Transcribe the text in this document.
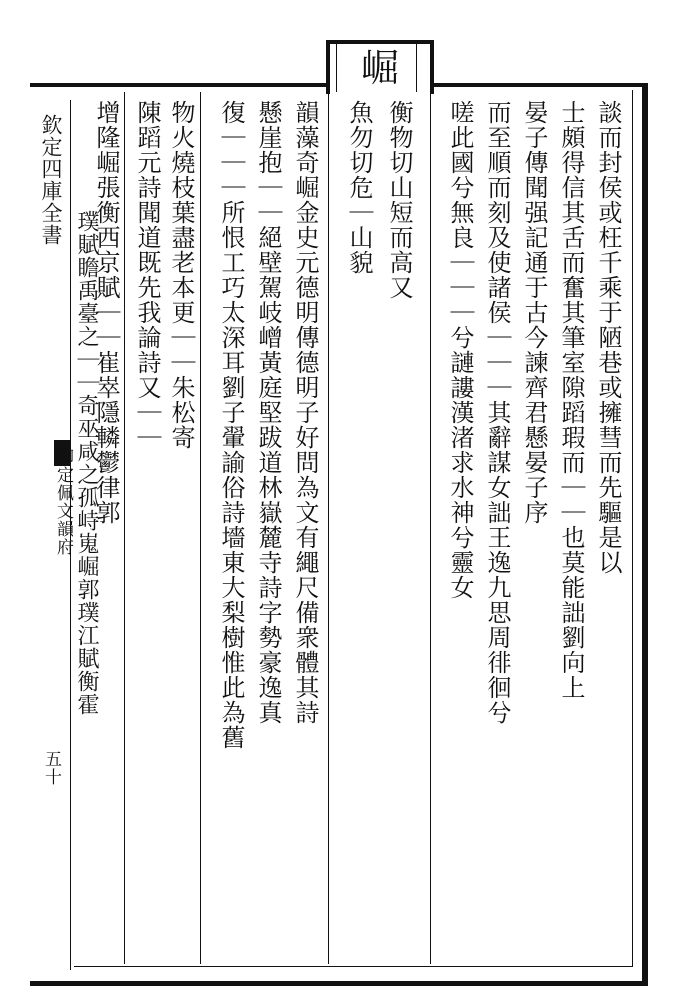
崛
欽定四庫全書
御定佩文韻府
五十
談而封侯或枉千乘于陋巷或擁彗而先驅是以
士頗得信其舌而奮其筆室隙蹈瑕而｜｜也莫能詘劉向上
晏子傳聞强記通于古今諫齊君懸晏子序
而至順而刻及使諸侯｜｜｜其辭謀女詘王逸九思周徘徊兮
嗟此國兮無良｜｜｜兮謰謱漢渚求水神兮靈女
衡物切山短而高又
魚勿切危｜山貌
韻藻奇崛金史元德明傳德明子好問為文有繩尺備衆體其詩
懸崖抱｜｜絕壁駕岐嶒黃庭堅跋道林嶽麓寺詩字勢豪逸真
復｜｜｜所恨工巧太深耳劉子翬諭俗詩墻東大梨樹惟此為舊
物火燒枝葉盡老本更｜｜朱松寄
陳蹈元詩聞道既先我論詩又｜｜
增隆崛張衡西京賦｜｜崔崒隱轔鬱律郭
璞賦瞻禹臺之｜｜奇巫咸之孤峙嵬崛郭璞江賦衡霍
